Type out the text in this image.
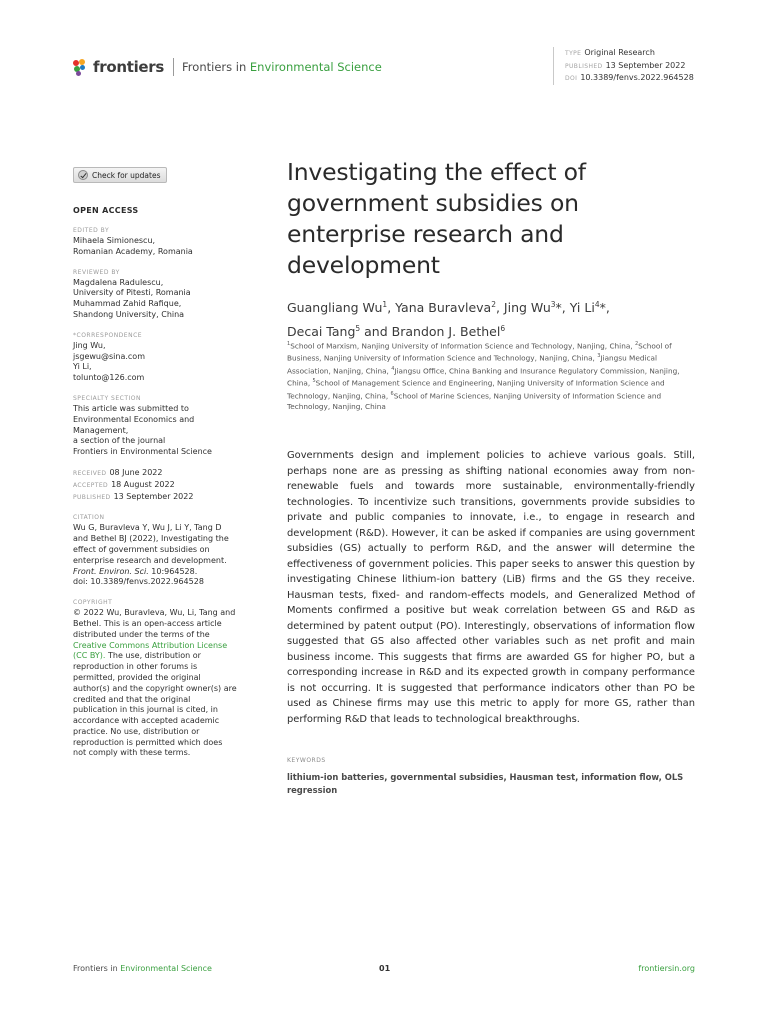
frontiers Frontiers in Environmental Science
TYPE Original Research
PUBLISHED 13 September 2022
DOI 10.3389/fenvs.2022.964528
Check for updates
OPEN ACCESS
EDITED BY
Mihaela Simionescu,
Romanian Academy, Romania
REVIEWED BY
Magdalena Radulescu,
University of Pitesti, Romania
Muhammad Zahid Rafique,
Shandong University, China
*CORRESPONDENCE
Jing Wu,
jsgewu@sina.com
Yi Li,
tolunto@126.com
SPECIALTY SECTION
This article was submitted to
Environmental Economics and
Management,
a section of the journal
Frontiers in Environmental Science
RECEIVED 08 June 2022
ACCEPTED 18 August 2022
PUBLISHED 13 September 2022
CITATION
Wu G, Buravleva Y, Wu J, Li Y, Tang D
and Bethel BJ (2022), Investigating the
effect of government subsidies on
enterprise research and development.
Front. Environ. Sci. 10:964528.
doi: 10.3389/fenvs.2022.964528
COPYRIGHT
© 2022 Wu, Buravleva, Wu, Li, Tang and
Bethel. This is an open-access article
distributed under the terms of the
Creative Commons Attribution License
(CC BY). The use, distribution or
reproduction in other forums is
permitted, provided the original
author(s) and the copyright owner(s) are
credited and that the original
publication in this journal is cited, in
accordance with accepted academic
practice. No use, distribution or
reproduction is permitted which does
not comply with these terms.
Investigating the effect of
government subsidies on
enterprise research and
development
Guangliang Wu$^1$, Yana Buravleva$^2$, Jing Wu$^3$*, Yi Li$^4$*,
Decai Tang$^5$ and Brandon J. Bethel$^6$
$^1$School of Marxism, Nanjing University of Information Science and Technology, Nanjing, China, $^2$School of Business, Nanjing University of Information Science and Technology, Nanjing, China, $^3$Jiangsu Medical Association, Nanjing, China, $^4$Jiangsu Office, China Banking and Insurance Regulatory Commission, Nanjing, China, $^5$School of Management Science and Engineering, Nanjing University of Information Science and Technology, Nanjing, China, $^6$School of Marine Sciences, Nanjing University of Information Science and Technology, Nanjing, China

Governments design and implement policies to achieve various goals. Still, perhaps none are as pressing as shifting national economies away from non-renewable fuels and towards more sustainable, environmentally-friendly technologies. To incentivize such transitions, governments provide subsidies to private and public companies to innovate, i.e., to engage in research and development (R&D). However, it can be asked if companies are using government subsidies (GS) actually to perform R&D, and the answer will determine the effectiveness of government policies. This paper seeks to answer this question by investigating Chinese lithium-ion battery (LiB) firms and the GS they receive. Hausman tests, fixed- and random-effects models, and Generalized Method of Moments confirmed a positive but weak correlation between GS and R&D as determined by patent output (PO). Interestingly, observations of information flow suggested that GS also affected other variables such as net profit and main business income. This suggests that firms are awarded GS for higher PO, but a corresponding increase in R&D and its expected growth in company performance is not occurring. It is suggested that performance indicators other than PO be used as Chinese firms may use this metric to apply for more GS, rather than performing R&D that leads to technological breakthroughs.

KEYWORDS
lithium-ion batteries, governmental subsidies, Hausman test, information flow, OLS regression
Frontiers in Environmental Science	01	frontiersin.org
